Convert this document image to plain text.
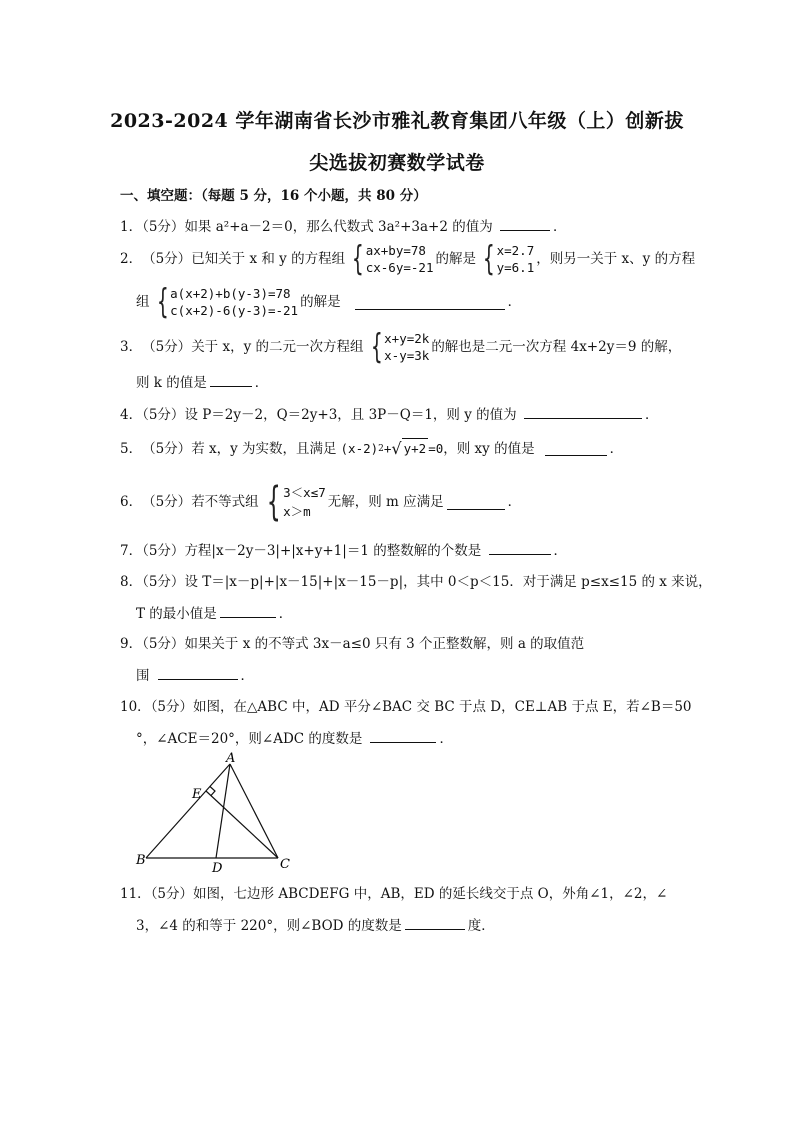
2023-2024 学年湖南省长沙市雅礼教育集团八年级（上）创新拔
尖选拔初赛数学试卷
一、填空题：（每题 5 分，16 个小题，共 80 分）
1．（5分）如果 a²+a－2＝0，那么代数式 3a²+3a+2 的值为	．
2． （5分） 已知关于 x 和 y 的方程组 { ax+by=78
cx-6y=-21
的解是 { x=2.7
y=6.1
，则另一关于 x、y 的方程
组 { a(x+2)+b(y-3)=78
c(x+2)-6(y-3)=-21
的解是	．
3． （5分） 关于 x，y 的二元一次方程组 { x+y=2k
x-y=3k
的解也是二元一次方程 4x+2y＝9 的解，
则 k 的值是	．
4．（5分）设 P＝2y－2，Q＝2y+3，且 3P－Q＝1，则 y 的值为	．
5． （5分） 若 x，y 为实数，且满足 (x-2) 2 + √ y+2 =0 ，则 xy 的值是	．
6． （5分） 若不等式组 { 3＜x≤7
x＞m
无解，则 m 应满足	．
7．（5分）方程|x－2y－3|+|x+y+1|＝1 的整数解的个数是	．
8．（5分）设 T＝|x－p|+|x－15|+|x－15－p|，其中 0＜p＜15．对于满足 p≤x≤15 的 x 来说，
T 的最小值是	．
9．（5分）如果关于 x 的不等式 3x－a≤0 只有 3 个正整数解，则 a 的取值范
围	．
10．（5分）如图，在△ABC 中，AD 平分∠BAC 交 BC 于点 D，CE⊥AB 于点 E，若∠B＝50
°，∠ACE＝20°，则∠ADC 的度数是	．
A
E
B	C
D
11．（5分）如图，七边形 ABCDEFG 中，AB，ED 的延长线交于点 O，外角∠1，∠2，∠
3，∠4 的和等于 220°，则∠BOD 的度数是	度．
